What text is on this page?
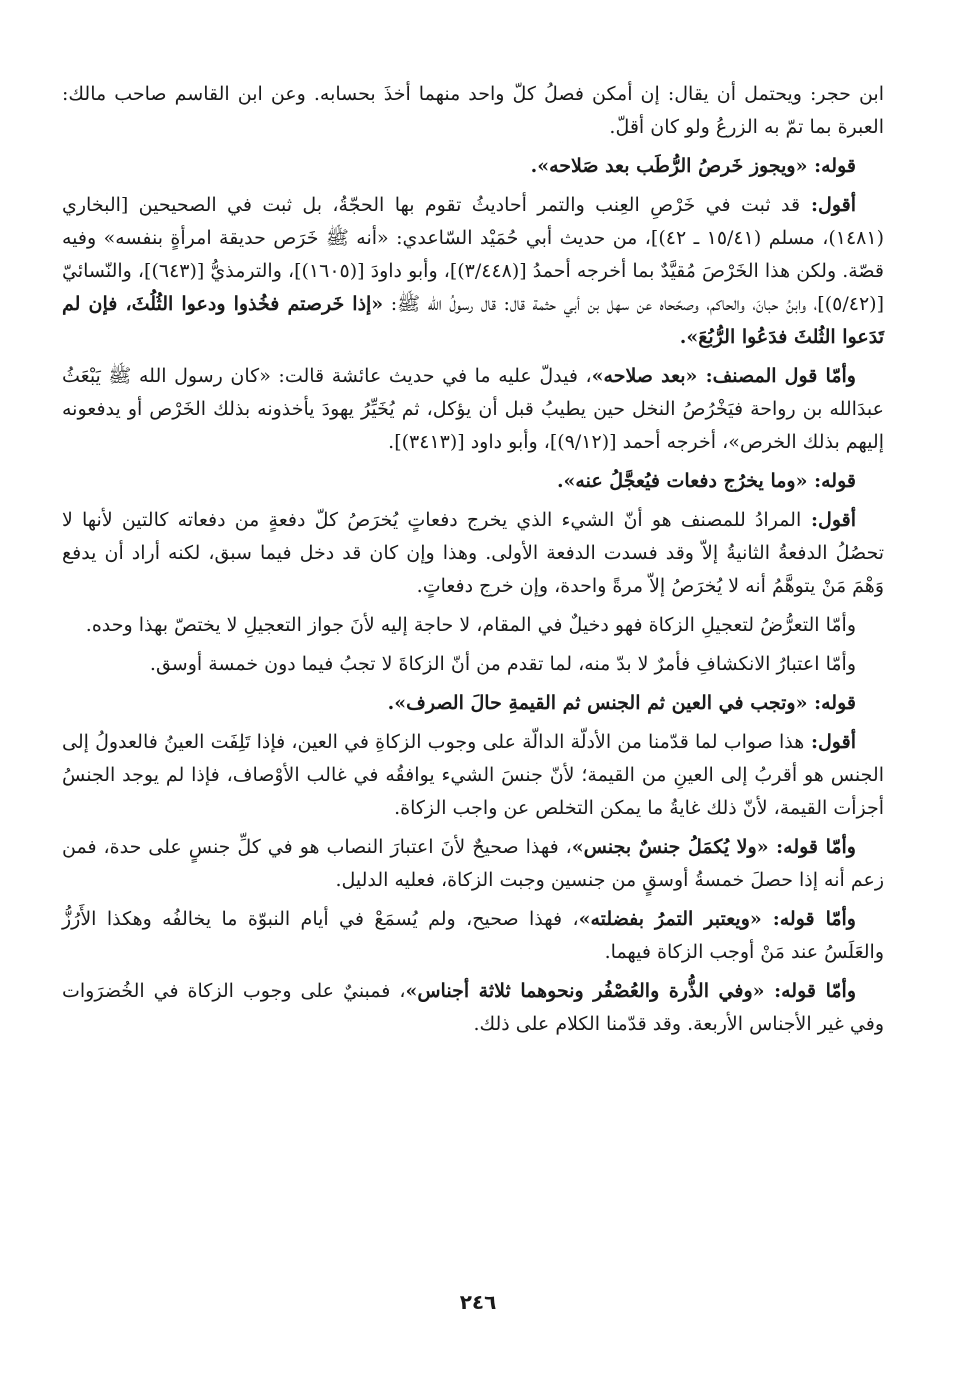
ابن حجر: ويحتمل أن يقال: إن أمكن فصلُ كلّ واحد منهما أخذَ بحسابه. وعن ابن القاسم صاحب مالك: العبرة بما تمّ به الزرعُ ولو كان أقلّ.

قوله: «ويجوز خَرصُ الرُّطَب بعد صَلاحه».

أقول: قد ثبت في خَرْصِ العِنب والتمر أحاديثُ تقوم بها الحجّةُ، بل ثبت في الصحيحين [البخاري (١٤٨١)، مسلم (١٥/٤١ ـ ٤٢)]، من حديث أبي حُمَيْد السّاعدي: «أنه ﷺ خَرَص حديقة امرأةٍ بنفسه» وفيه قصّة. ولكن هذا الخَرْصَ مُقيَّدٌ بما أخرجه أحمدُ [(٣/٤٤٨)]، وأبو داودَ [(١٦٠٥)]، والترمذيُّ [(٦٤٣)]، والنّسائيّ [(٥/٤٢)]، وابنُ حبانَ، والحاكم، وصحّحاه عن سهل بن أبي حثمة قال: قال رسولُ الله ﷺ: «إذا خَرصتم فخُذوا ودعوا الثُلُثَ، فإن لم تَدَعوا الثُلثَ فدَعُوا الرُّبُعَ».

وأمّا قول المصنف: «بعد صلاحه»، فيدلّ عليه ما في حديث عائشة قالت: «كان رسول الله ﷺ يَبْعَثُ عبدَالله بن رواحة فيَخْرُصُ النخل حين يطيبُ قبل أن يؤكل، ثم يُخَيِّرُ يهودَ يأخذونه بذلك الخَرْص أو يدفعونه إليهم بذلك الخرص»، أخرجه أحمد [(٩/١٢)]، وأبو داود [(٣٤١٣)].

قوله: «وما يخرُج دفعات فيُعجَّلُ عنه».

أقول: المرادُ للمصنف هو أنّ الشيء الذي يخرج دفعاتٍ يُخرَصُ كلّ دفعةٍ من دفعاته كالتين لأنها لا تحصُلُ الدفعةُ الثانيةُ إلاّ وقد فسدت الدفعة الأولى. وهذا وإن كان قد دخل فيما سبق، لكنه أراد أن يدفع وَهْمَ مَنْ يتوهَّمُ أنه لا يُخرَصُ إلاّ مرةً واحدة، وإن خرج دفعاتٍ.

وأمّا التعرُّضُ لتعجيلِ الزكاة فهو دخيلٌ في المقام، لا حاجة إليه لأنَ جواز التعجيلِ لا يختصّ بهذا وحده.

وأمّا اعتبارُ الانكشافِ فأمرٌ لا بدّ منه، لما تقدم من أنّ الزكاةَ لا تجبُ فيما دون خمسة أوسق.

قوله: «وتجب في العين ثم الجنس ثم القيمةِ حالَ الصرف».

أقول: هذا صواب لما قدّمنا من الأدلّة الدالّة على وجوب الزكاةِ في العين، فإذا تَلِفَت العينُ فالعدولُ إلى الجنس هو أقربُ إلى العينِ من القيمة؛ لأنّ جنسَ الشيء يوافقُه في غالب الأوْصاف، فإذا لم يوجد الجنسُ أجزأت القيمة، لأنّ ذلك غايةُ ما يمكن التخلص عن واجب الزكاة.

وأمّا قوله: «ولا يُكمَلُ جنسٌ بجنس»، فهذا صحيحٌ لأنَ اعتبارَ النصاب هو في كلِّ جنسٍ على حدة، فمن زعم أنه إذا حصلَ خمسةُ أوسقٍ من جنسين وجبت الزكاة، فعليه الدليل.

وأمّا قوله: «ويعتبر التمرُ بفضلته»، فهذا صحيح، ولم يُسمَعْ في أيام النبوّة ما يخالفُه وهكذا الأَرُزُّ والعَلَسُ عند مَنْ أوجب الزكاة فيهما.

وأمّا قوله: «وفي الذُّرة والعُصْفُر ونحوهما ثلاثة أجناس»، فمبنيٌ على وجوب الزكاة في الخُضرَوات وفي غير الأجناس الأربعة. وقد قدّمنا الكلام على ذلك.

٢٤٦
